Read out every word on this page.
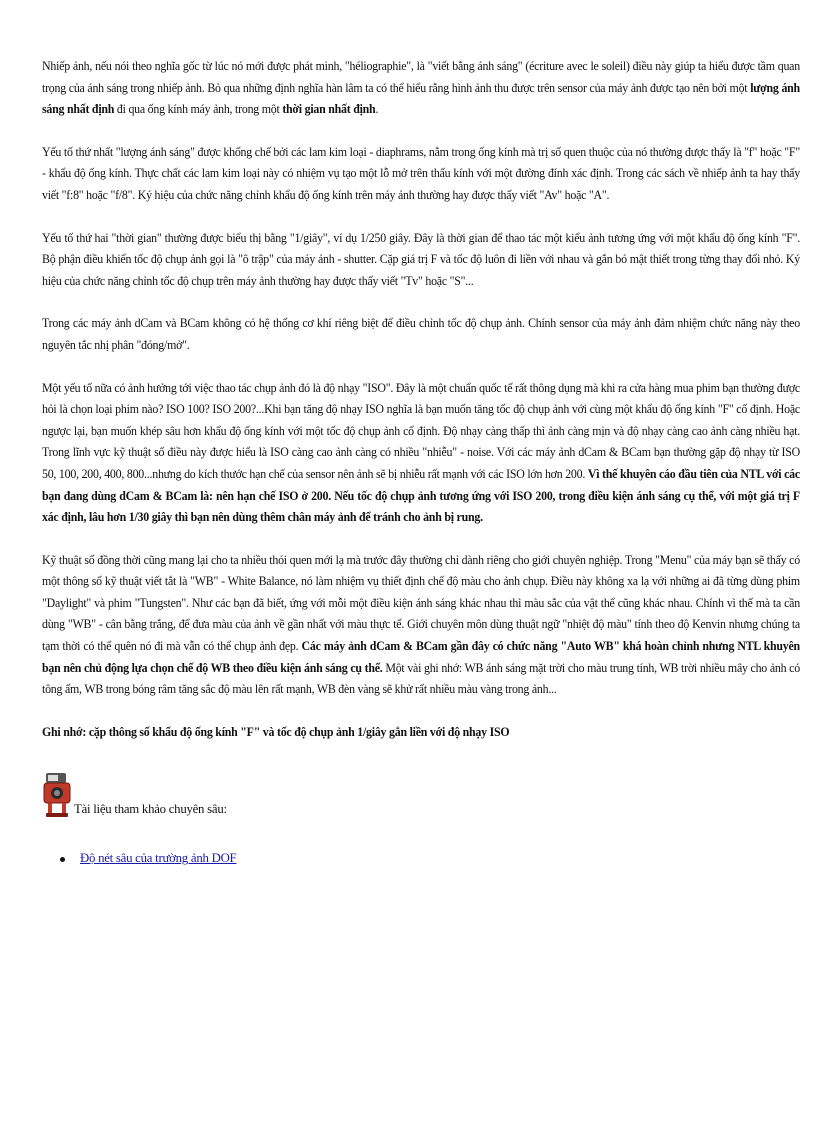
Nhiếp ảnh, nếu nói theo nghĩa gốc từ lúc nó mới được phát minh, "héliographie", là "viết bằng ánh sáng" (écriture avec le soleil) điều này giúp ta hiểu được tầm quan trọng của ánh sáng trong nhiếp ảnh. Bỏ qua những định nghĩa hàn lâm ta có thể hiểu rằng hình ảnh thu được trên sensor của máy ảnh được tạo nên bởi một lượng ánh sáng nhất định đi qua ống kính máy ảnh, trong một thời gian nhất định.

Yếu tố thứ nhất "lượng ánh sáng" được khống chế bởi các lam kim loại - diaphrams, nằm trong ống kính mà trị số quen thuộc của nó thường được thấy là "f" hoặc "F" - khẩu độ ống kính. Thực chất các lam kim loại này có nhiệm vụ tạo một lỗ mở trên thấu kính với một đường đính xác định. Trong các sách về nhiếp ảnh ta hay thấy viết "f:8" hoặc "f/8". Ký hiệu của chức năng chỉnh khẩu độ ống kính trên máy ảnh thường hay được thấy viết "Av" hoặc "A".

Yếu tố thứ hai "thời gian" thường được biểu thị bằng "1/giây", ví dụ 1/250 giây. Đây là thời gian để thao tác một kiểu ảnh tương ứng với một khẩu độ ống kính "F". Bộ phận điều khiển tốc độ chụp ảnh gọi là "ô trập" của máy ảnh - shutter. Cặp giá trị F và tốc độ luôn đi liền với nhau và gắn bó mật thiết trong từng thay đổi nhỏ. Ký hiệu của chức năng chỉnh tốc độ chụp trên máy ảnh thường hay được thấy viết "Tv" hoặc "S"...

Trong các máy ảnh dCam và BCam không có hệ thống cơ khí riêng biệt để điều chỉnh tốc độ chụp ảnh. Chính sensor của máy ảnh đảm nhiệm chức năng này theo nguyên tắc nhị phân "đóng/mở".

Một yếu tố nữa có ảnh hưởng tới việc thao tác chụp ảnh đó là độ nhạy "ISO". Đây là một chuẩn quốc tế rất thông dụng mà khi ra cửa hàng mua phim bạn thường được hỏi là chọn loại phim nào? ISO 100? ISO 200?...Khi bạn tăng độ nhạy ISO nghĩa là bạn muốn tăng tốc độ chụp ảnh với cùng một khẩu độ ống kính "F" cố định. Hoặc ngược lại, bạn muốn khép sâu hơn khẩu độ ống kính với một tốc độ chụp ảnh cố định. Độ nhạy càng thấp thì ảnh càng mịn và độ nhạy càng cao ảnh càng nhiều hạt. Trong lĩnh vực kỹ thuật số điều này được hiểu là ISO càng cao ảnh càng có nhiều "nhiễu" - noise. Với các máy ảnh dCam & BCam bạn thường gặp độ nhạy từ ISO 50, 100, 200, 400, 800...nhưng do kích thước hạn chế của sensor nên ảnh sẽ bị nhiễu rất mạnh với các ISO lớn hơn 200. Vì thế khuyên cáo đầu tiên của NTL với các bạn đang dùng dCam & BCam là: nên hạn chế ISO ở 200. Nếu tốc độ chụp ảnh tương ứng với ISO 200, trong điều kiện ánh sáng cụ thể, với một giá trị F xác định, lâu hơn 1/30 giây thì bạn nên dùng thêm chân máy ảnh để tránh cho ảnh bị rung.

Kỹ thuật số đồng thời cũng mang lại cho ta nhiều thói quen mới lạ mà trước đây thường chỉ dành riêng cho giới chuyên nghiệp. Trong "Menu" của máy bạn sẽ thấy có một thông số kỹ thuật viết tắt là "WB" - White Balance, nó làm nhiệm vụ thiết định chế độ màu cho ảnh chụp. Điều này không xa lạ với những ai đã từng dùng phim "Daylight" và phim "Tungsten". Như các bạn đã biết, ứng với mỗi một điều kiện ánh sáng khác nhau thì màu sắc của vật thể cũng khác nhau. Chính vì thế mà ta cần dùng "WB" - cân bằng trắng, để đưa màu của ảnh về gần nhất với màu thực tế. Giới chuyên môn dùng thuật ngữ "nhiệt độ màu" tính theo độ Kenvin nhưng chúng ta tạm thời có thể quên nó đi mà vẫn có thể chụp ảnh đẹp. Các máy ảnh dCam & BCam gần đây có chức năng "Auto WB" khá hoàn chỉnh nhưng NTL khuyên bạn nên chủ động lựa chọn chế độ WB theo điều kiện ánh sáng cụ thể. Một vài ghi nhớ: WB ánh sáng mặt trời cho màu trung tính, WB trời nhiều mây cho ảnh có tông ấm, WB trong bóng râm tăng sắc độ màu lên rất mạnh, WB đèn vàng sẽ khử rất nhiều màu vàng trong ảnh...

Ghi nhớ: cặp thông số khẩu độ ống kính "F" và tốc độ chụp ảnh 1/giây gắn liền với độ nhạy ISO
Tài liệu tham khảo chuyên sâu:
Độ nét sâu của trường ảnh DOF
